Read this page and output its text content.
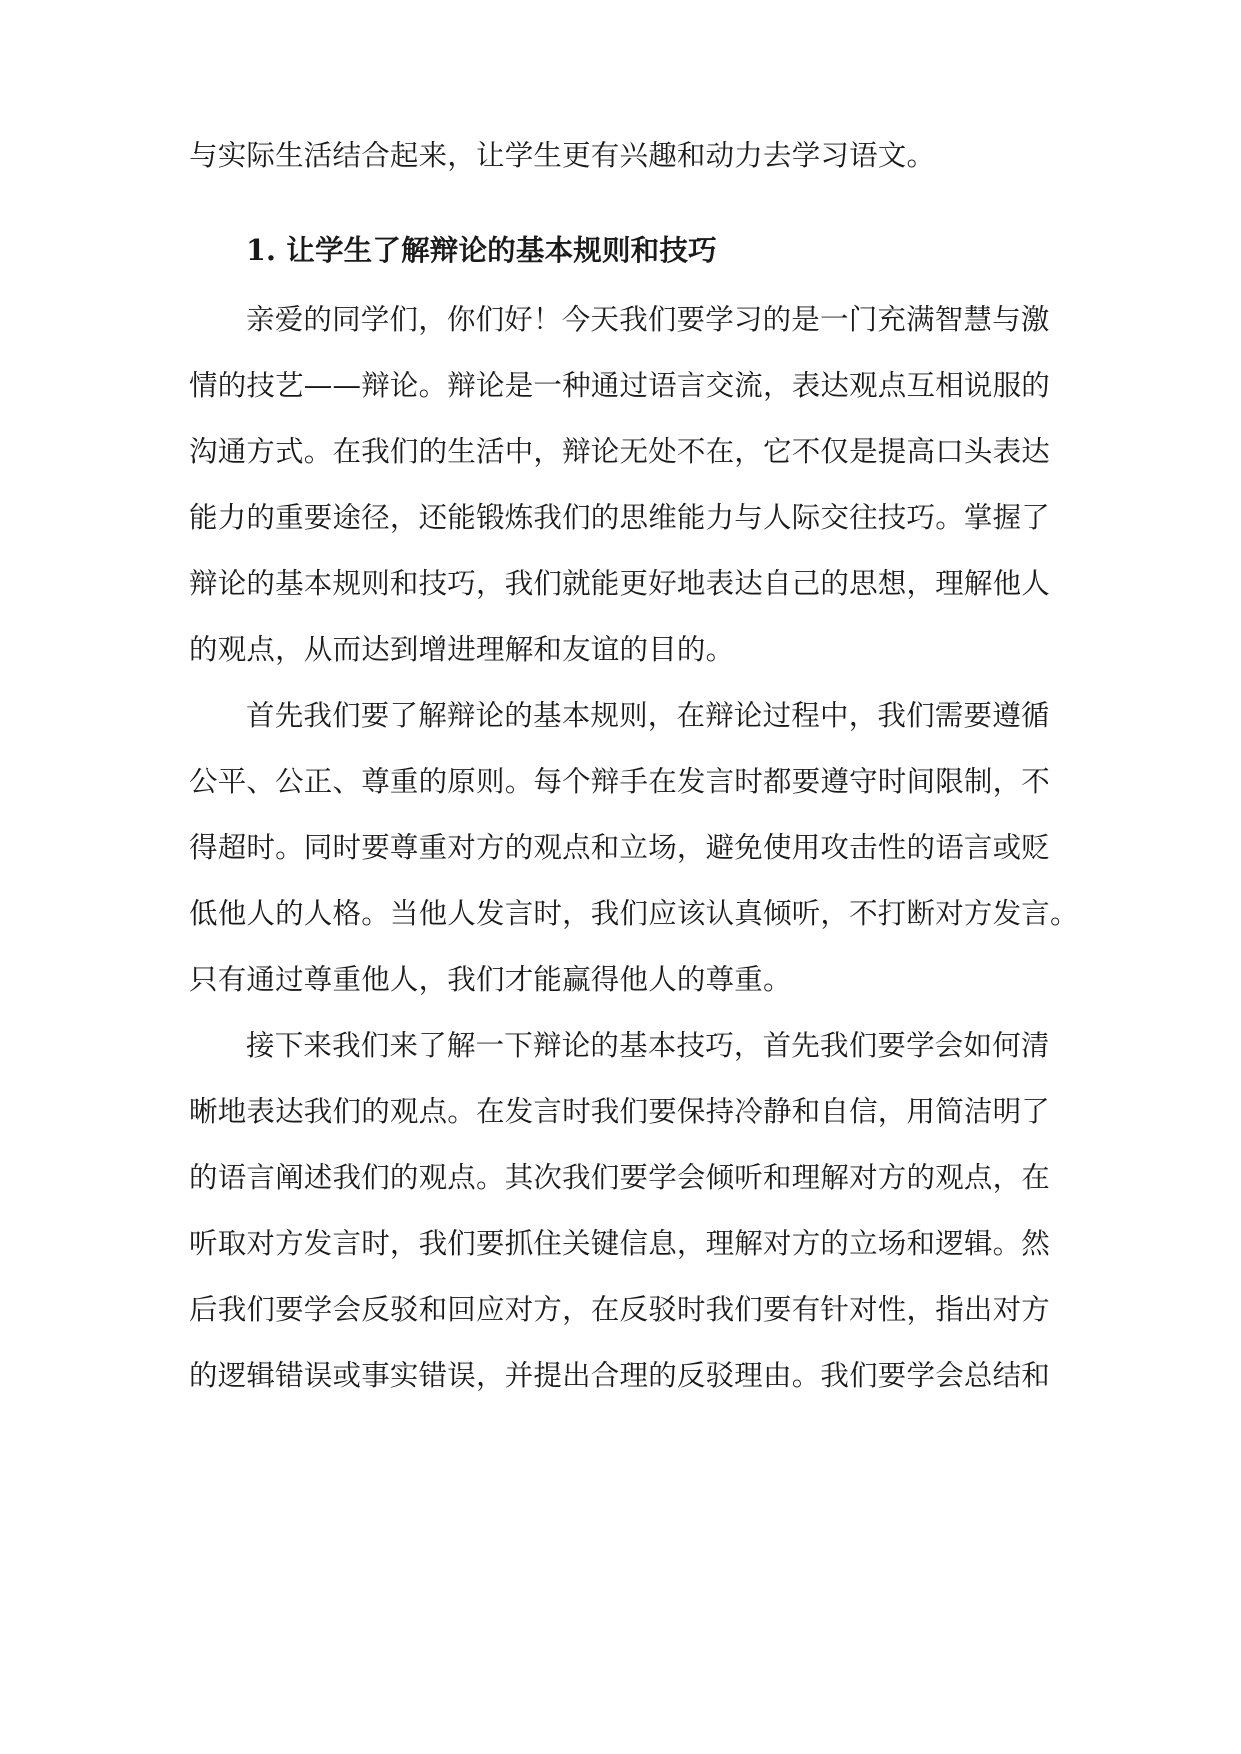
与实际生活结合起来，让学生更有兴趣和动力去学习语文。
1. 让学生了解辩论的基本规则和技巧
亲爱的同学们，你们好！今天我们要学习的是一门充满智慧与激
情的技艺——辩论。辩论是一种通过语言交流，表达观点互相说服的
沟通方式。在我们的生活中，辩论无处不在，它不仅是提高口头表达
能力的重要途径，还能锻炼我们的思维能力与人际交往技巧。掌握了
辩论的基本规则和技巧，我们就能更好地表达自己的思想，理解他人
的观点，从而达到增进理解和友谊的目的。
首先我们要了解辩论的基本规则，在辩论过程中，我们需要遵循
公平、公正、尊重的原则。每个辩手在发言时都要遵守时间限制，不
得超时。同时要尊重对方的观点和立场，避免使用攻击性的语言或贬
低他人的人格。当他人发言时，我们应该认真倾听，不打断对方发言。
只有通过尊重他人，我们才能赢得他人的尊重。
接下来我们来了解一下辩论的基本技巧，首先我们要学会如何清
晰地表达我们的观点。在发言时我们要保持冷静和自信，用简洁明了
的语言阐述我们的观点。其次我们要学会倾听和理解对方的观点，在
听取对方发言时，我们要抓住关键信息，理解对方的立场和逻辑。然
后我们要学会反驳和回应对方，在反驳时我们要有针对性，指出对方
的逻辑错误或事实错误，并提出合理的反驳理由。我们要学会总结和
